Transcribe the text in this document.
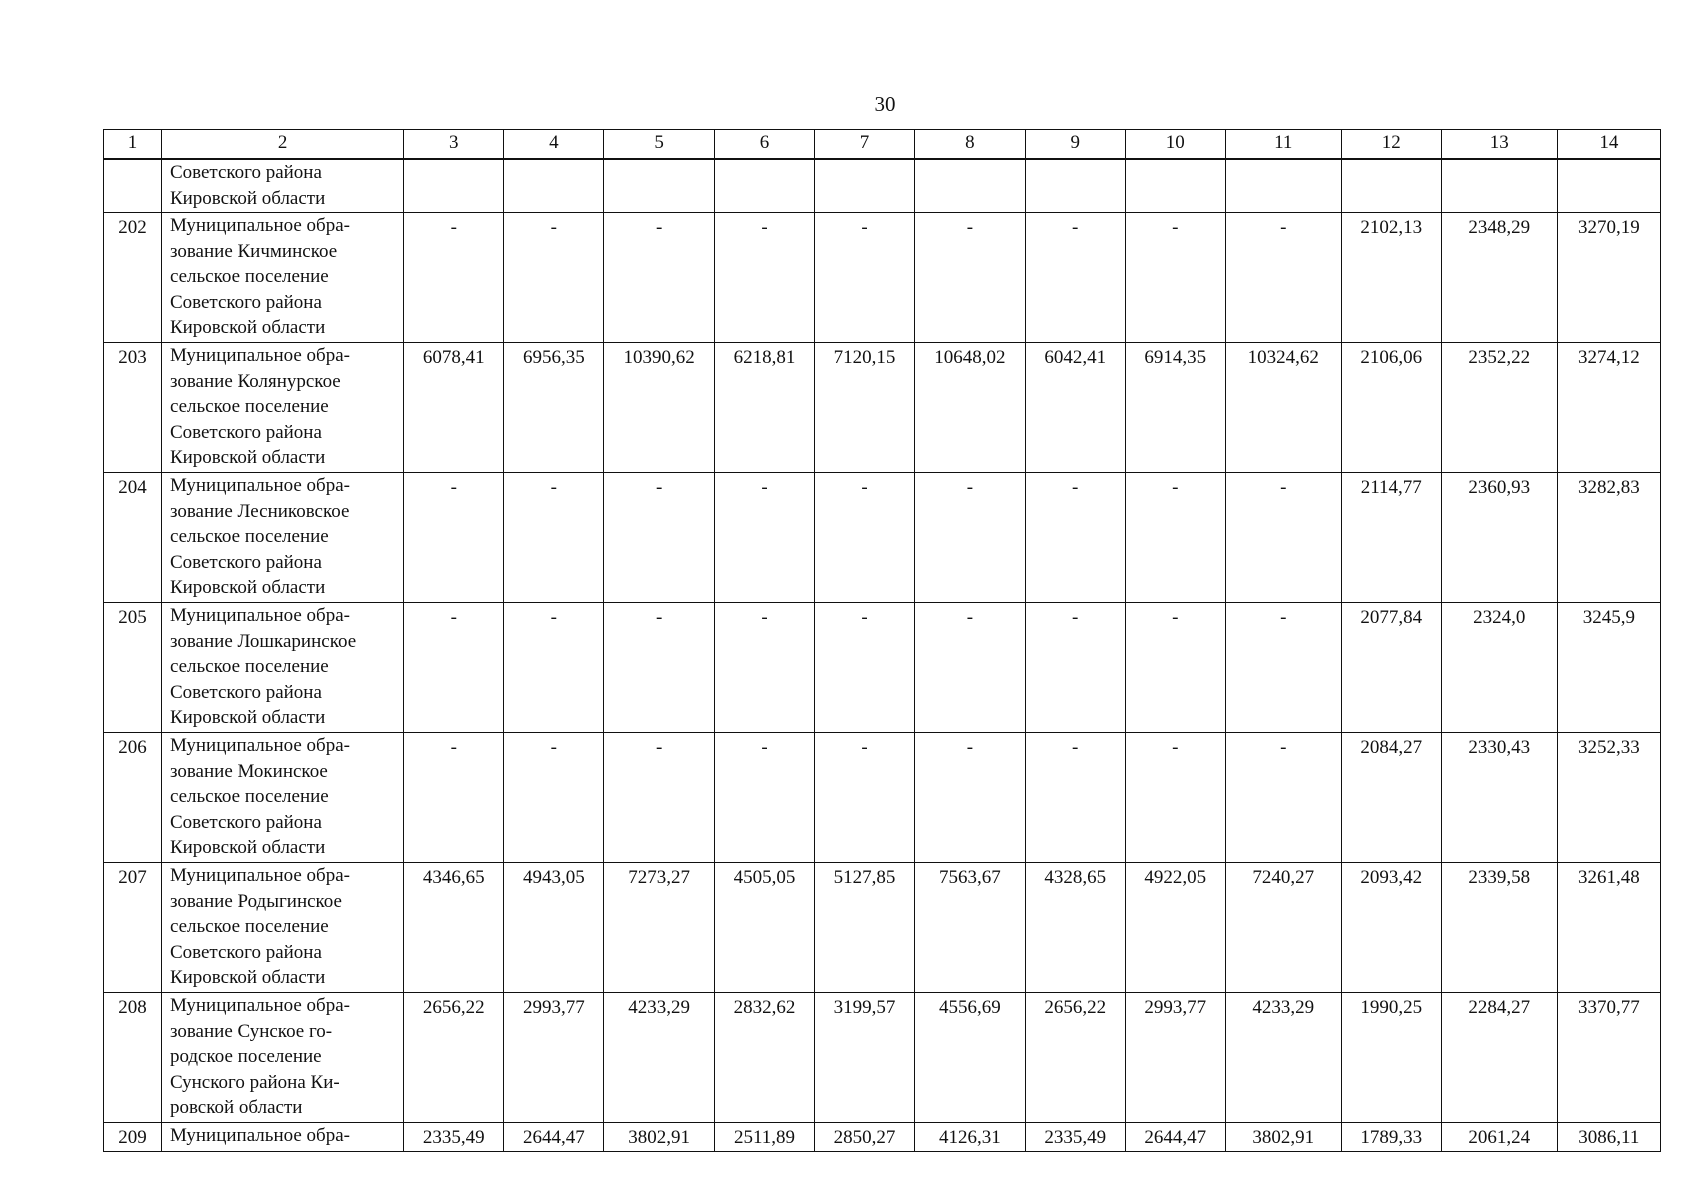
30
1	2	3	4	5	6	7	8	9	10	11	12	13	14

	Советского района
Кировской области												

202	Муниципальное обра-
зование Кичминское
сельское поселение
Советского района
Кировской области	-	-	-	-	-	-	-	-	-	2102,13	2348,29	3270,19
203	Муниципальное обра-
зование Колянурское
сельское поселение
Советского района
Кировской области	6078,41	6956,35	10390,62	6218,81	7120,15	10648,02	6042,41	6914,35	10324,62	2106,06	2352,22	3274,12
204	Муниципальное обра-
зование Лесниковское
сельское поселение
Советского района
Кировской области	-	-	-	-	-	-	-	-	-	2114,77	2360,93	3282,83
205	Муниципальное обра-
зование Лошкаринское
сельское поселение
Советского района
Кировской области	-	-	-	-	-	-	-	-	-	2077,84	2324,0	3245,9
206	Муниципальное обра-
зование Мокинское
сельское поселение
Советского района
Кировской области	-	-	-	-	-	-	-	-	-	2084,27	2330,43	3252,33
207	Муниципальное обра-
зование Родыгинское
сельское поселение
Советского района
Кировской области	4346,65	4943,05	7273,27	4505,05	5127,85	7563,67	4328,65	4922,05	7240,27	2093,42	2339,58	3261,48
208	Муниципальное обра-
зование Сунское го-
родское поселение
Сунского района Ки-
ровской области	2656,22	2993,77	4233,29	2832,62	3199,57	4556,69	2656,22	2993,77	4233,29	1990,25	2284,27	3370,77
209	Муниципальное обра-	2335,49	2644,47	3802,91	2511,89	2850,27	4126,31	2335,49	2644,47	3802,91	1789,33	2061,24	3086,11
